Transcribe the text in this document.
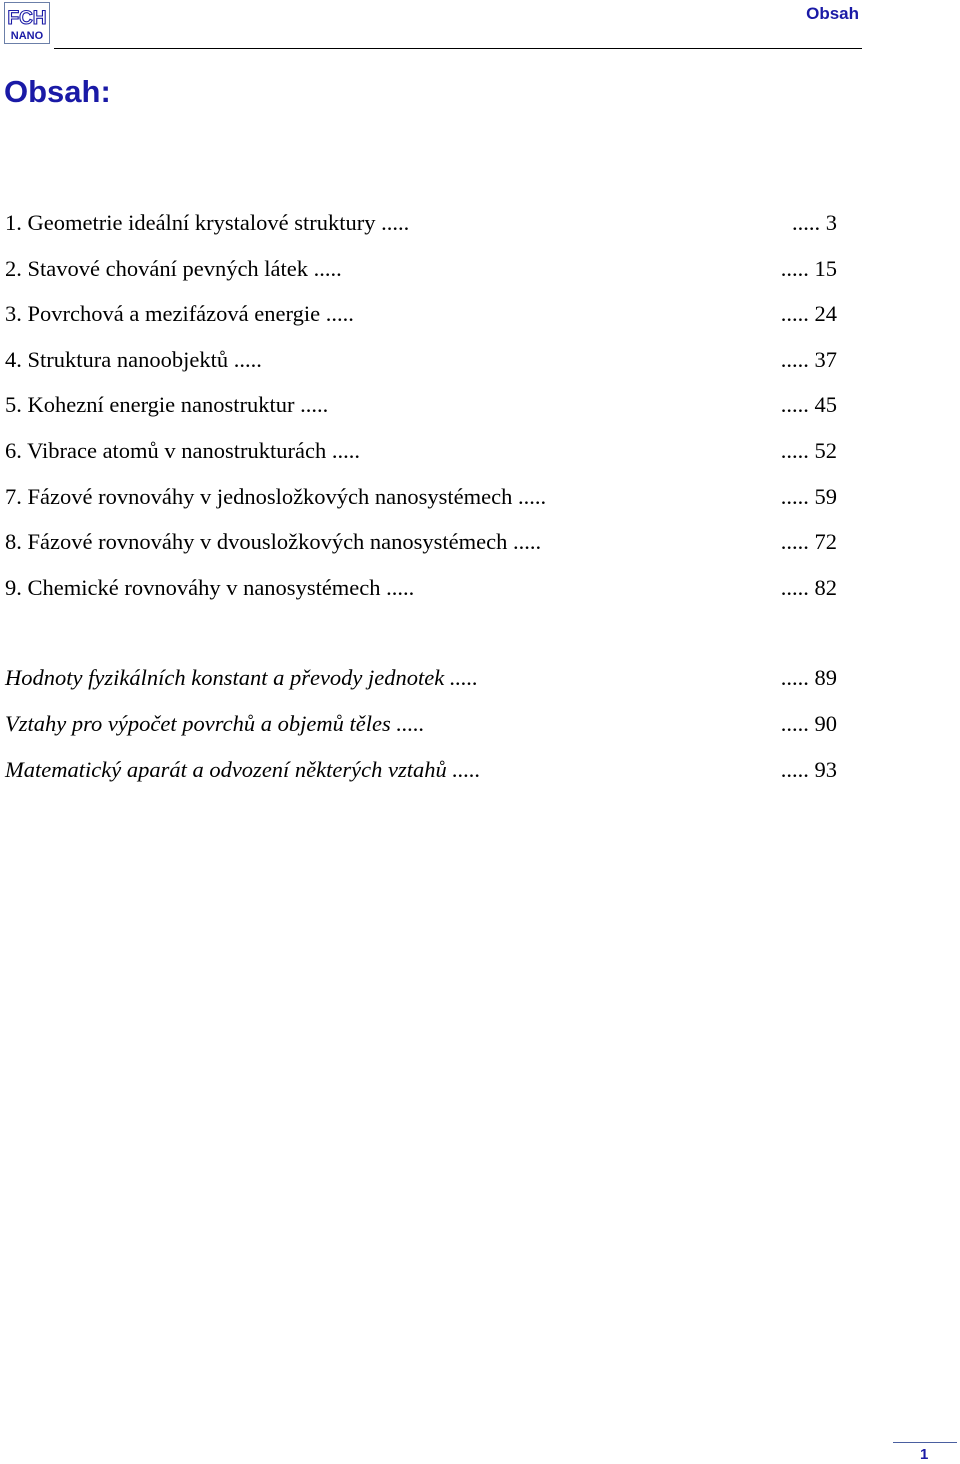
FCH
NANO
Obsah
Obsah:
1. Geometrie ideální krystalové struktury .....	..... 3
2. Stavové chování pevných látek .....	..... 15
3. Povrchová a mezifázová energie .....	..... 24
4. Struktura nanoobjektů .....	..... 37
5. Kohezní energie nanostruktur .....	..... 45
6. Vibrace atomů v nanostrukturách .....	..... 52
7. Fázové rovnováhy v jednosložkových nanosystémech .....	..... 59
8. Fázové rovnováhy v dvousložkových nanosystémech .....	..... 72
9. Chemické rovnováhy v nanosystémech .....	..... 82
Hodnoty fyzikálních konstant a převody jednotek .....	..... 89
Vztahy pro výpočet povrchů a objemů těles .....	..... 90
Matematický aparát a odvození některých vztahů .....	..... 93
1
